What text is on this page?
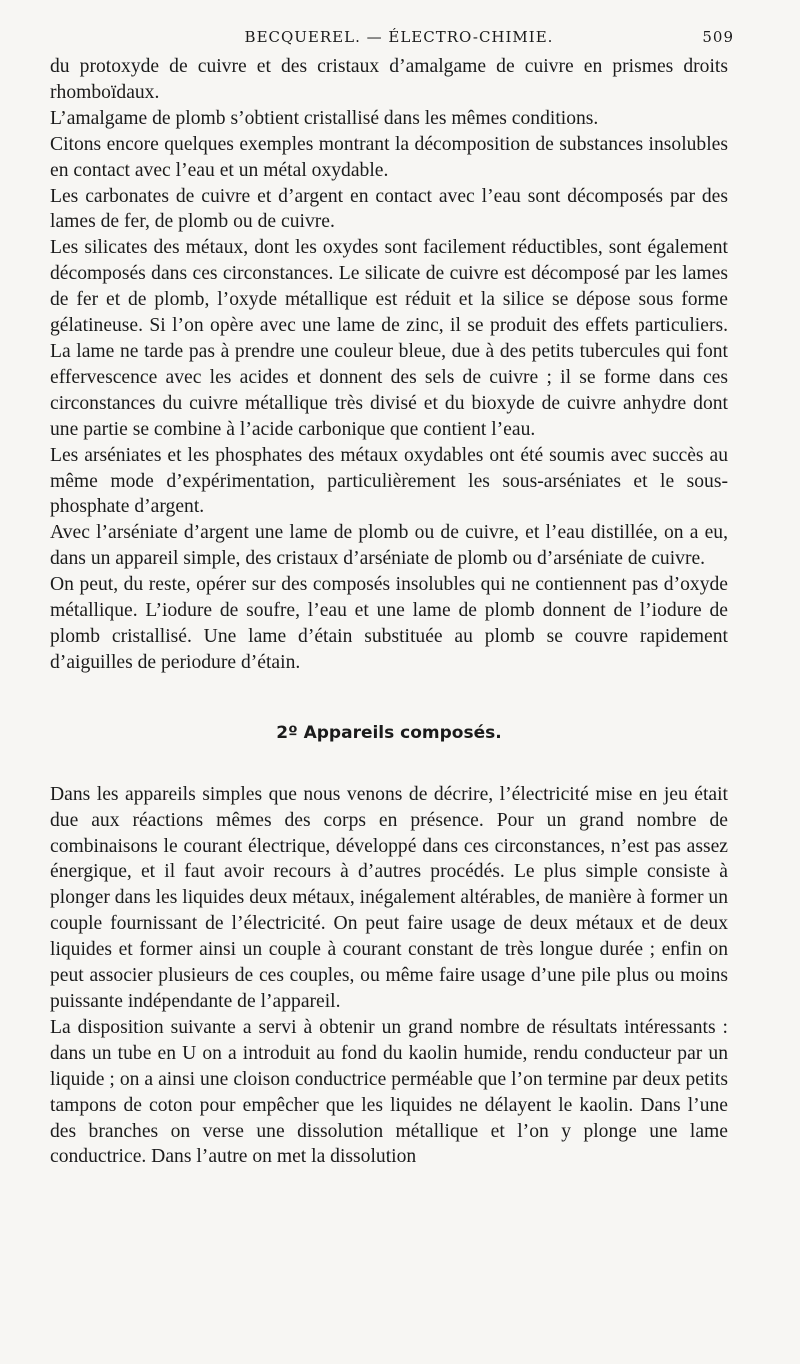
BECQUEREL. — ÉLECTRO-CHIMIE.	509

du protoxyde de cuivre et des cristaux d’amalgame de cuivre en prismes droits rhomboïdaux.

L’amalgame de plomb s’obtient cristallisé dans les mêmes conditions.

Citons encore quelques exemples montrant la décomposition de substances insolubles en contact avec l’eau et un métal oxydable.

Les carbonates de cuivre et d’argent en contact avec l’eau sont décomposés par des lames de fer, de plomb ou de cuivre.

Les silicates des métaux, dont les oxydes sont facilement réductibles, sont également décomposés dans ces circonstances. Le silicate de cuivre est décomposé par les lames de fer et de plomb, l’oxyde métallique est réduit et la silice se dépose sous forme gélatineuse. Si l’on opère avec une lame de zinc, il se produit des effets particuliers. La lame ne tarde pas à prendre une couleur bleue, due à des petits tubercules qui font effervescence avec les acides et donnent des sels de cuivre ; il se forme dans ces circonstances du cuivre métallique très divisé et du bioxyde de cuivre anhydre dont une partie se combine à l’acide carbonique que contient l’eau.

Les arséniates et les phosphates des métaux oxydables ont été soumis avec succès au même mode d’expérimentation, particulièrement les sous-arséniates et le sous-phosphate d’argent.

Avec l’arséniate d’argent une lame de plomb ou de cuivre, et l’eau distillée, on a eu, dans un appareil simple, des cristaux d’arséniate de plomb ou d’arséniate de cuivre.

On peut, du reste, opérer sur des composés insolubles qui ne contiennent pas d’oxyde métallique. L’iodure de soufre, l’eau et une lame de plomb donnent de l’iodure de plomb cristallisé. Une lame d’étain substituée au plomb se couvre rapidement d’aiguilles de periodure d’étain.

2º Appareils composés.

Dans les appareils simples que nous venons de décrire, l’électricité mise en jeu était due aux réactions mêmes des corps en présence. Pour un grand nombre de combinaisons le courant électrique, développé dans ces circonstances, n’est pas assez énergique, et il faut avoir recours à d’autres procédés. Le plus simple consiste à plonger dans les liquides deux métaux, inégalement altérables, de manière à former un couple fournissant de l’électricité. On peut faire usage de deux métaux et de deux liquides et former ainsi un couple à courant constant de très longue durée ; enfin on peut associer plusieurs de ces couples, ou même faire usage d’une pile plus ou moins puissante indépendante de l’appareil.

La disposition suivante a servi à obtenir un grand nombre de résultats intéressants : dans un tube en U on a introduit au fond du kaolin humide, rendu conducteur par un liquide ; on a ainsi une cloison conductrice perméable que l’on termine par deux petits tampons de coton pour empêcher que les liquides ne délayent le kaolin. Dans l’une des branches on verse une dissolution métallique et l’on y plonge une lame conductrice. Dans l’autre on met la dissolution
